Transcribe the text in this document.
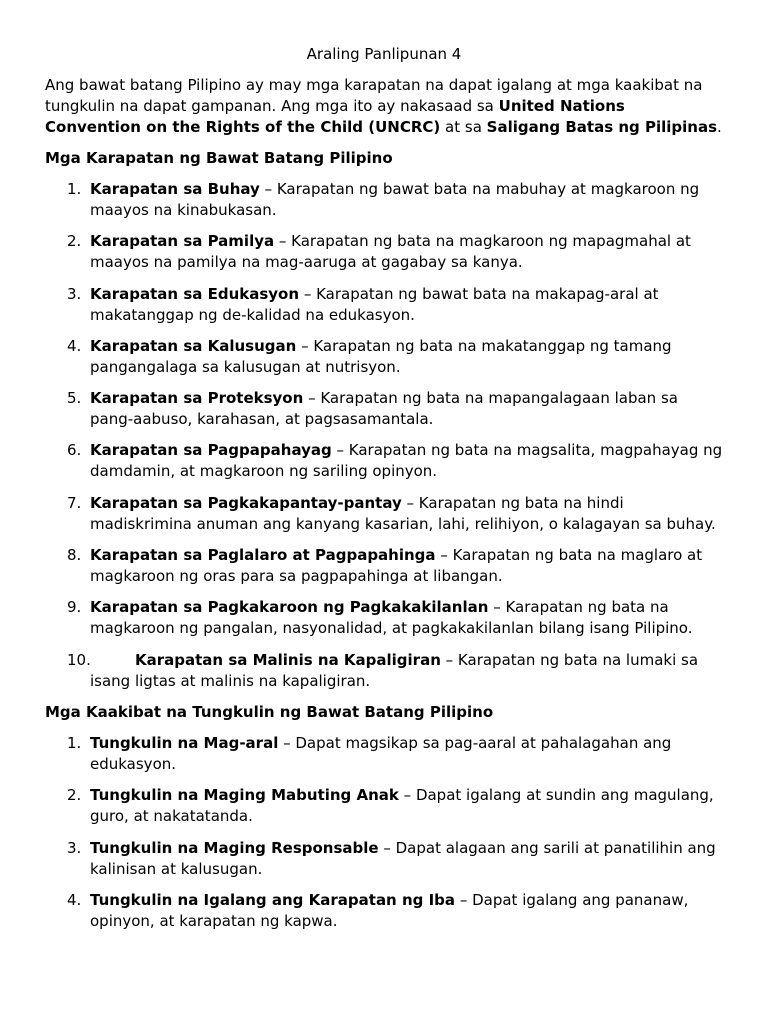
Araling Panlipunan 4

Ang bawat batang Pilipino ay may mga karapatan na dapat igalang at mga kaakibat na tungkulin na dapat gampanan. Ang mga ito ay nakasaad sa United Nations Convention on the Rights of the Child (UNCRC) at sa Saligang Batas ng Pilipinas.

Mga Karapatan ng Bawat Batang Pilipino

1. Karapatan sa Buhay – Karapatan ng bawat bata na mabuhay at magkaroon ng maayos na kinabukasan.
2. Karapatan sa Pamilya – Karapatan ng bata na magkaroon ng mapagmahal at maayos na pamilya na mag-aaruga at gagabay sa kanya.
3. Karapatan sa Edukasyon – Karapatan ng bawat bata na makapag-aral at makatanggap ng de-kalidad na edukasyon.
4. Karapatan sa Kalusugan – Karapatan ng bata na makatanggap ng tamang pangangalaga sa kalusugan at nutrisyon.
5. Karapatan sa Proteksyon – Karapatan ng bata na mapangalagaan laban sa pang-aabuso, karahasan, at pagsasamantala.
6. Karapatan sa Pagpapahayag – Karapatan ng bata na magsalita, magpahayag ng damdamin, at magkaroon ng sariling opinyon.
7. Karapatan sa Pagkakapantay-pantay – Karapatan ng bata na hindi madiskrimina anuman ang kanyang kasarian, lahi, relihiyon, o kalagayan sa buhay.
8. Karapatan sa Paglalaro at Pagpapahinga – Karapatan ng bata na maglaro at magkaroon ng oras para sa pagpapahinga at libangan.
9. Karapatan sa Pagkakaroon ng Pagkakakilanlan – Karapatan ng bata na magkaroon ng pangalan, nasyonalidad, at pagkakakilanlan bilang isang Pilipino.
10.	Karapatan sa Malinis na Kapaligiran – Karapatan ng bata na lumaki sa isang ligtas at malinis na kapaligiran.

Mga Kaakibat na Tungkulin ng Bawat Batang Pilipino

1. Tungkulin na Mag-aral – Dapat magsikap sa pag-aaral at pahalagahan ang edukasyon.
2. Tungkulin na Maging Mabuting Anak – Dapat igalang at sundin ang magulang, guro, at nakatatanda.
3. Tungkulin na Maging Responsable – Dapat alagaan ang sarili at panatilihin ang kalinisan at kalusugan.
4. Tungkulin na Igalang ang Karapatan ng Iba – Dapat igalang ang pananaw, opinyon, at karapatan ng kapwa.
